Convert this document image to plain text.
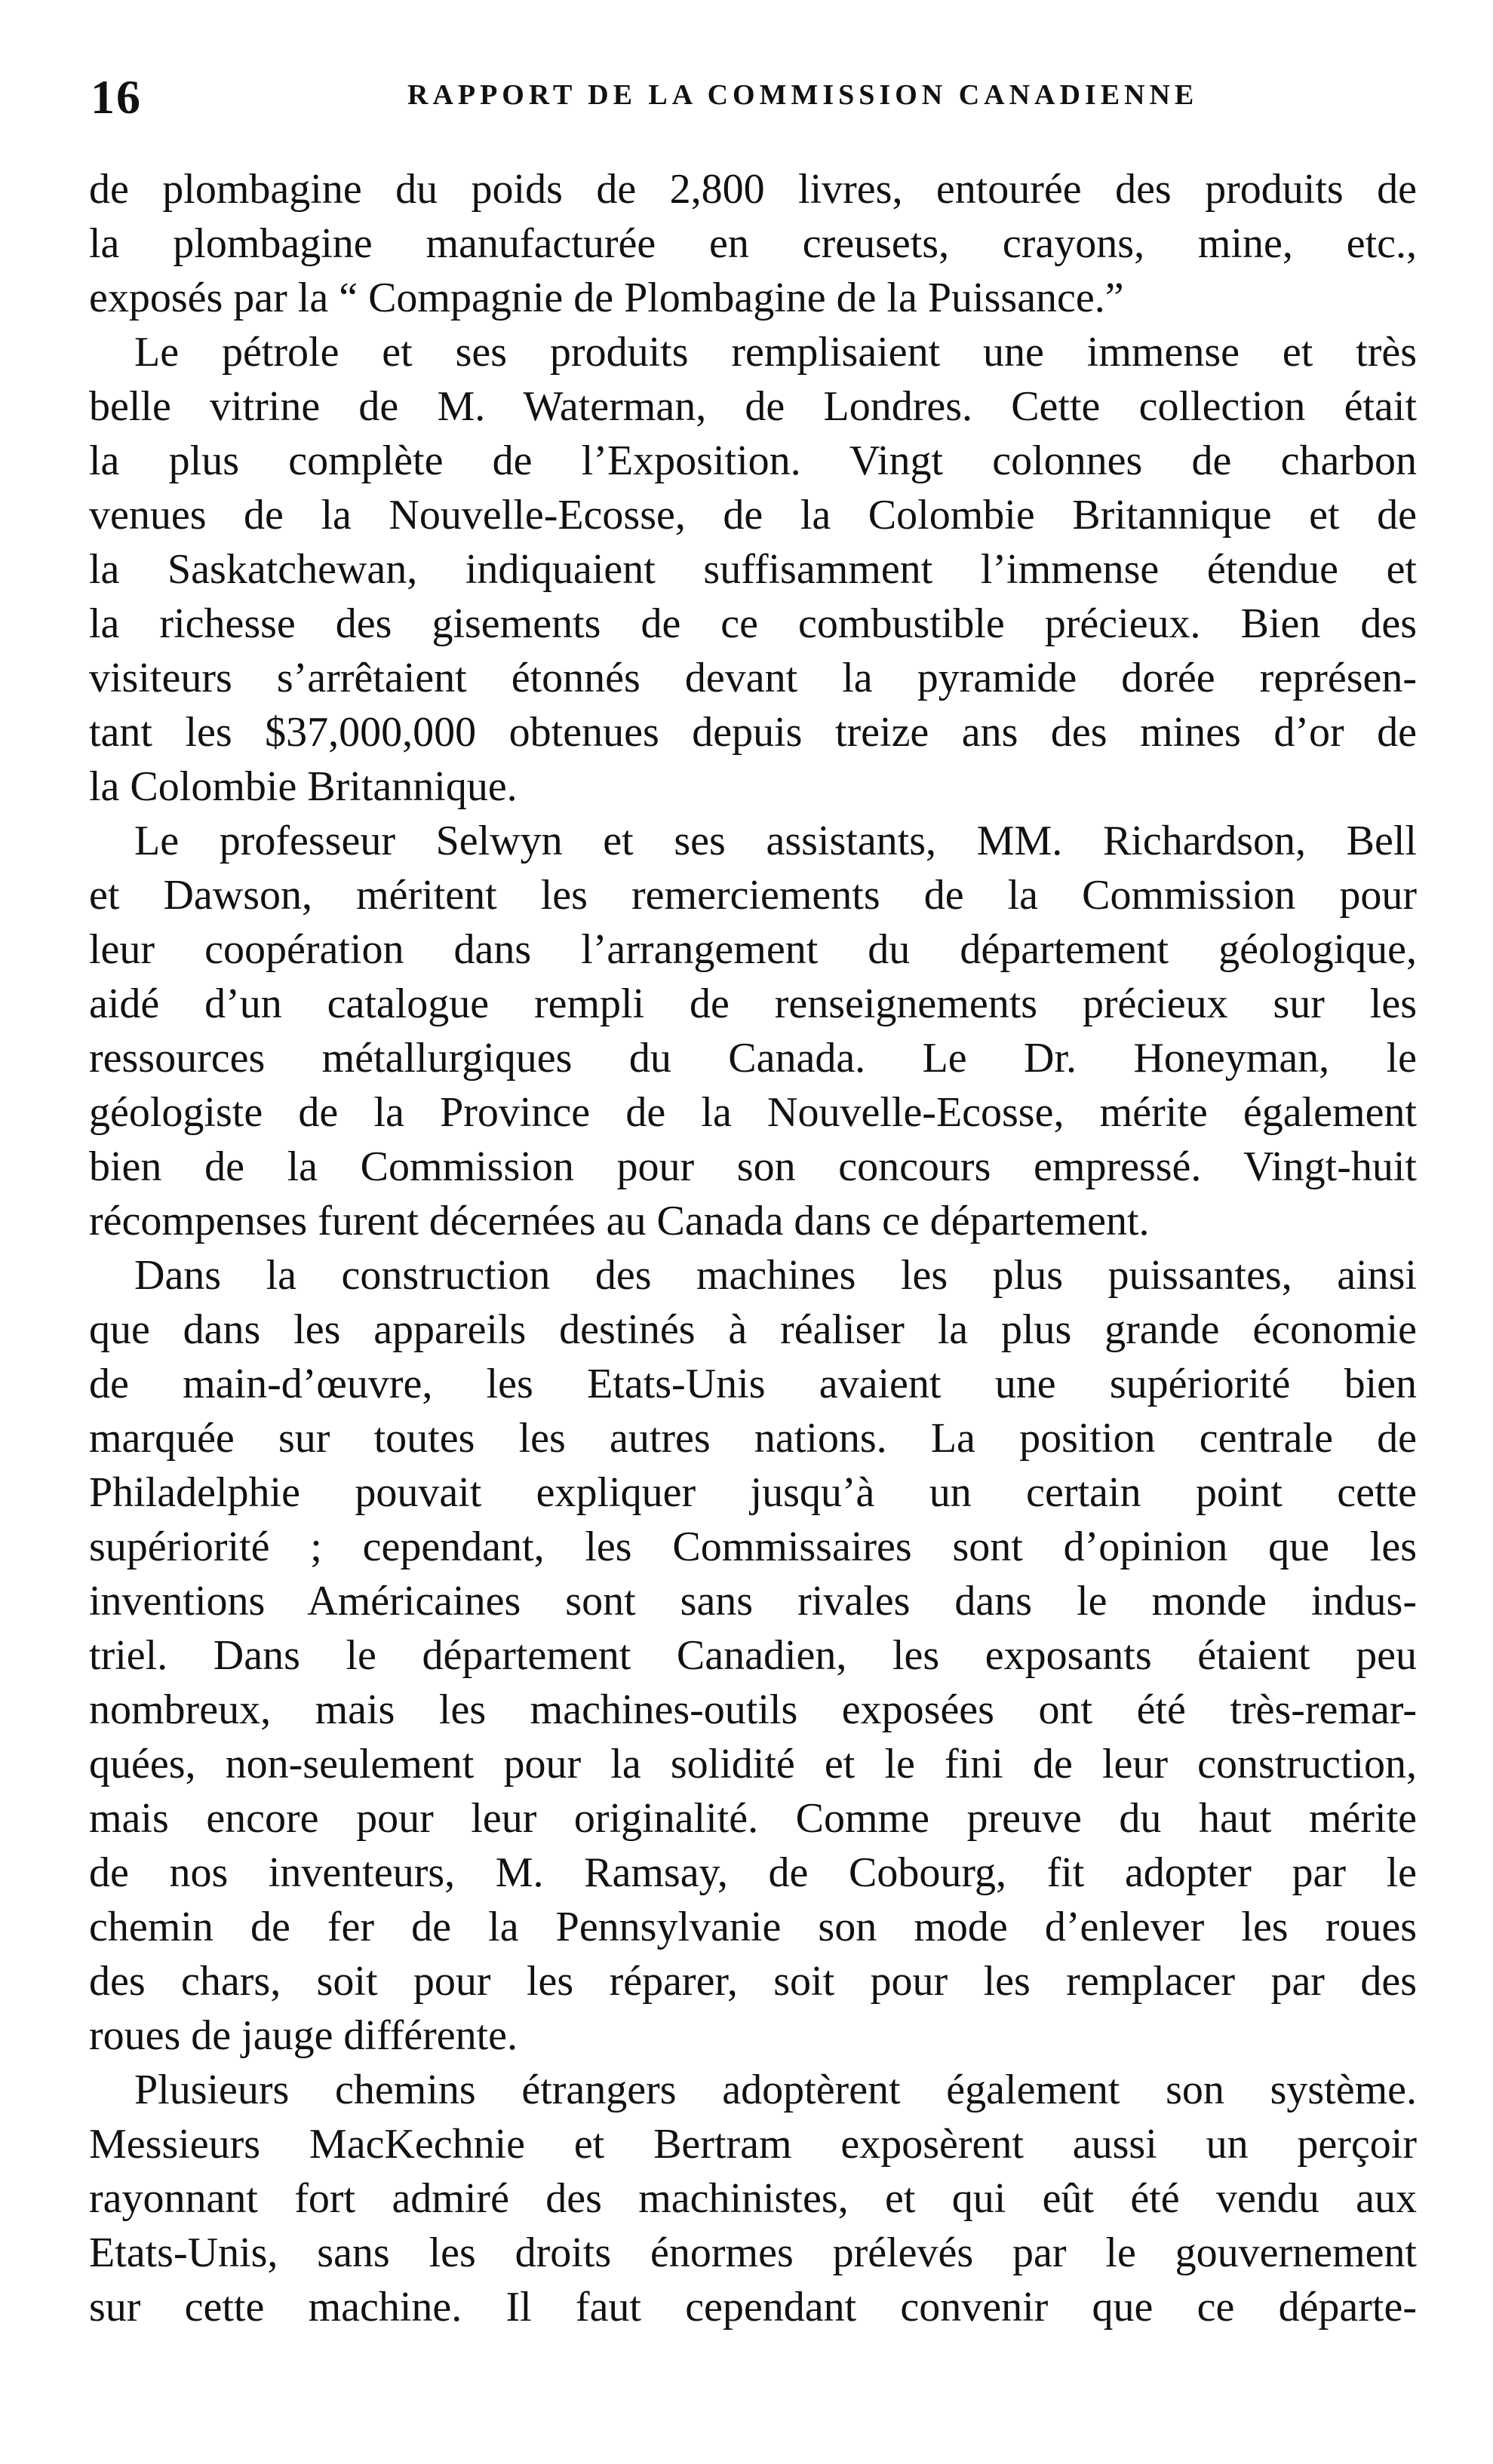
16	RAPPORT DE LA COMMISSION CANADIENNE
de plombagine du poids de 2,800 livres, entourée des produits de
la plombagine manufacturée en creusets, crayons, mine, etc.,
exposés par la “ Compagnie de Plombagine de la Puissance.”
Le pétrole et ses produits remplisaient une immense et très
belle vitrine de M. Waterman, de Londres. Cette collection était
la plus complète de l’Exposition. Vingt colonnes de charbon
venues de la Nouvelle-Ecosse, de la Colombie Britannique et de
la Saskatchewan, indiquaient suffisamment l’immense étendue et
la richesse des gisements de ce combustible précieux. Bien des
visiteurs s’arrêtaient étonnés devant la pyramide dorée représen-
tant les $37,000,000 obtenues depuis treize ans des mines d’or de
la Colombie Britannique.
Le professeur Selwyn et ses assistants, MM. Richardson, Bell
et Dawson, méritent les remerciements de la Commission pour
leur coopération dans l’arrangement du département géologique,
aidé d’un catalogue rempli de renseignements précieux sur les
ressources métallurgiques du Canada. Le Dr. Honeyman, le
géologiste de la Province de la Nouvelle-Ecosse, mérite également
bien de la Commission pour son concours empressé. Vingt-huit
récompenses furent décernées au Canada dans ce département.
Dans la construction des machines les plus puissantes, ainsi
que dans les appareils destinés à réaliser la plus grande économie
de main-d’œuvre, les Etats-Unis avaient une supériorité bien
marquée sur toutes les autres nations. La position centrale de
Philadelphie pouvait expliquer jusqu’à un certain point cette
supériorité ; cependant, les Commissaires sont d’opinion que les
inventions Américaines sont sans rivales dans le monde indus-
triel. Dans le département Canadien, les exposants étaient peu
nombreux, mais les machines-outils exposées ont été très-remar-
quées, non-seulement pour la solidité et le fini de leur construction,
mais encore pour leur originalité. Comme preuve du haut mérite
de nos inventeurs, M. Ramsay, de Cobourg, fit adopter par le
chemin de fer de la Pennsylvanie son mode d’enlever les roues
des chars, soit pour les réparer, soit pour les remplacer par des
roues de jauge différente.
Plusieurs chemins étrangers adoptèrent également son système.
Messieurs MacKechnie et Bertram exposèrent aussi un perçoir
rayonnant fort admiré des machinistes, et qui eût été vendu aux
Etats-Unis, sans les droits énormes prélevés par le gouvernement
sur cette machine. Il faut cependant convenir que ce départe-
